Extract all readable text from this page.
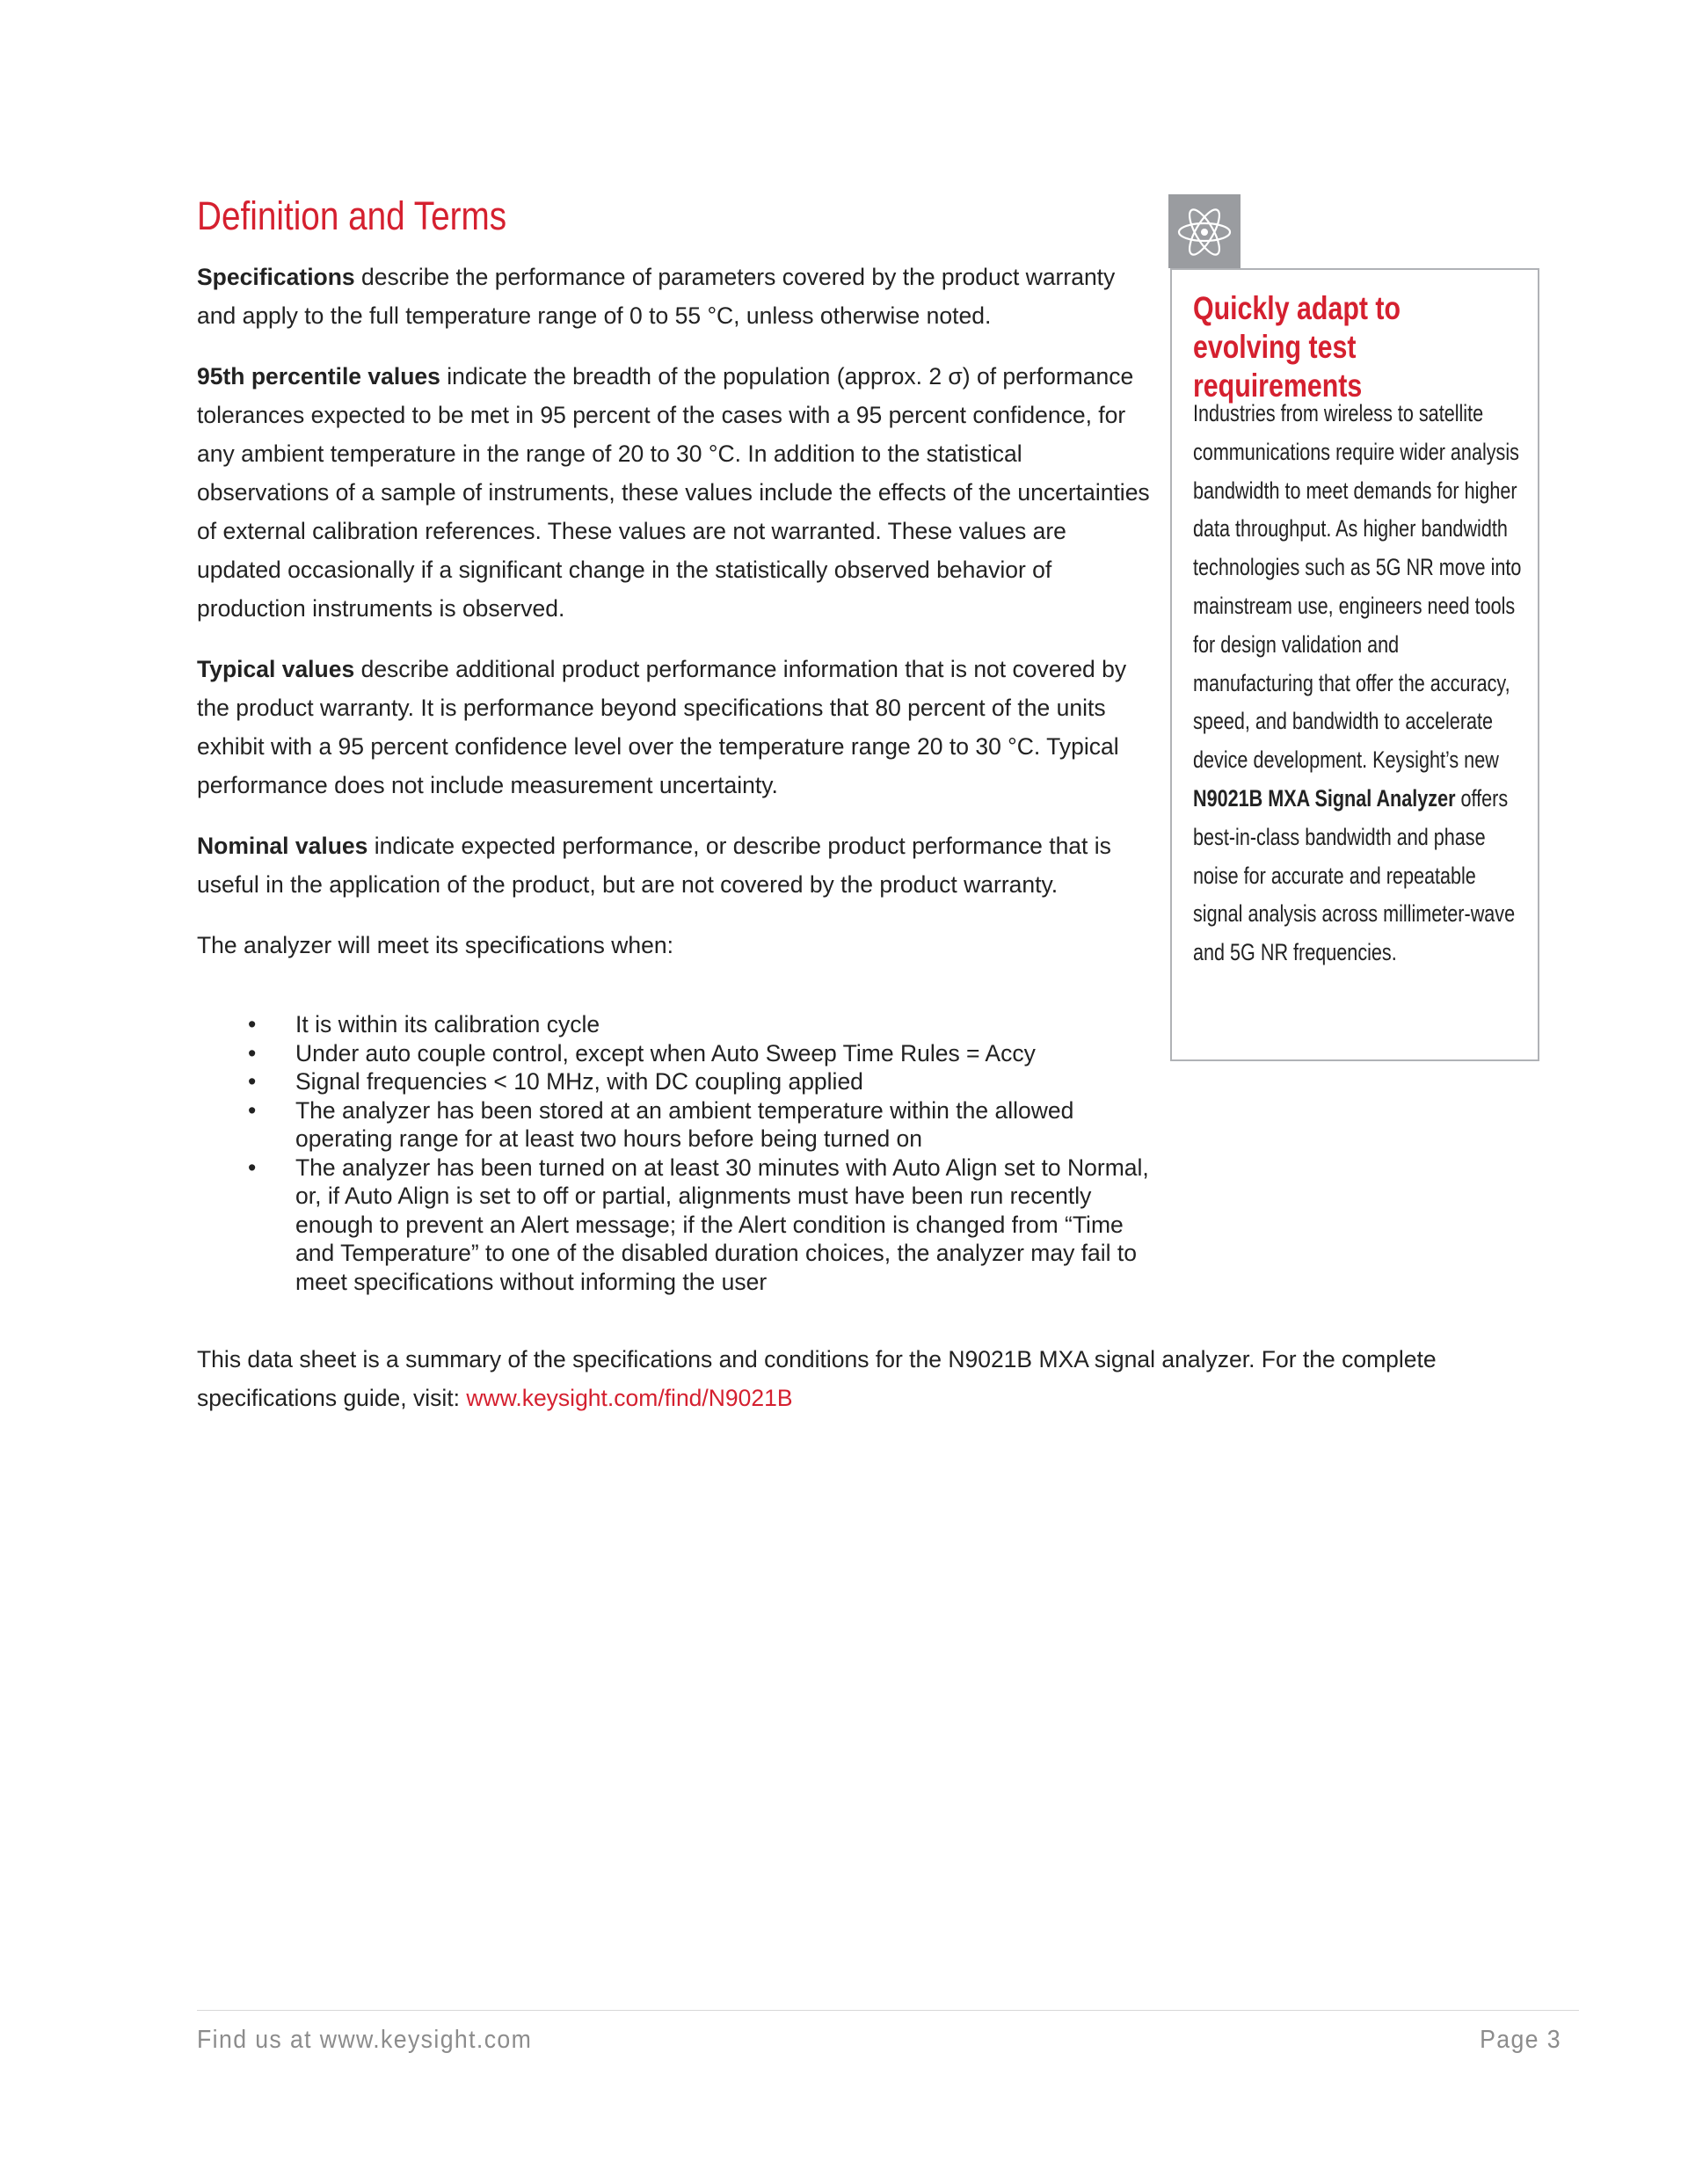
Definition and Terms

Specifications describe the performance of parameters covered by the product warranty and apply to the full temperature range of 0 to 55 °C, unless otherwise noted.

95th percentile values indicate the breadth of the population (approx. 2 σ) of performance tolerances expected to be met in 95 percent of the cases with a 95 percent confidence, for any ambient temperature in the range of 20 to 30 °C. In addition to the statistical observations of a sample of instruments, these values include the effects of the uncertainties of external calibration references. These values are not warranted. These values are updated occasionally if a significant change in the statistically observed behavior of production instruments is observed.

Typical values describe additional product performance information that is not covered by the product warranty. It is performance beyond specifications that 80 percent of the units exhibit with a 95 percent confidence level over the temperature range 20 to 30 °C. Typical performance does not include measurement uncertainty.

Nominal values indicate expected performance, or describe product performance that is useful in the application of the product, but are not covered by the product warranty.

The analyzer will meet its specifications when:

• It is within its calibration cycle
• Under auto couple control, except when Auto Sweep Time Rules = Accy
• Signal frequencies < 10 MHz, with DC coupling applied
• The analyzer has been stored at an ambient temperature within the allowed operating range for at least two hours before being turned on
• The analyzer has been turned on at least 30 minutes with Auto Align set to Normal, or, if Auto Align is set to off or partial, alignments must have been run recently enough to prevent an Alert message; if the Alert condition is changed from “Time and Temperature” to one of the disabled duration choices, the analyzer may fail to meet specifications without informing the user

This data sheet is a summary of the specifications and conditions for the N9021B MXA signal analyzer. For the complete specifications guide, visit: www.keysight.com/find/N9021B

Quickly adapt to evolving test requirements

Industries from wireless to satellite communications require wider analysis bandwidth to meet demands for higher data throughput. As higher bandwidth technologies such as 5G NR move into mainstream use, engineers need tools for design validation and manufacturing that offer the accuracy, speed, and bandwidth to accelerate device development. Keysight’s new N9021B MXA Signal Analyzer offers best-in-class bandwidth and phase noise for accurate and repeatable signal analysis across millimeter-wave and 5G NR frequencies.

Find us at www.keysight.com	Page 3
